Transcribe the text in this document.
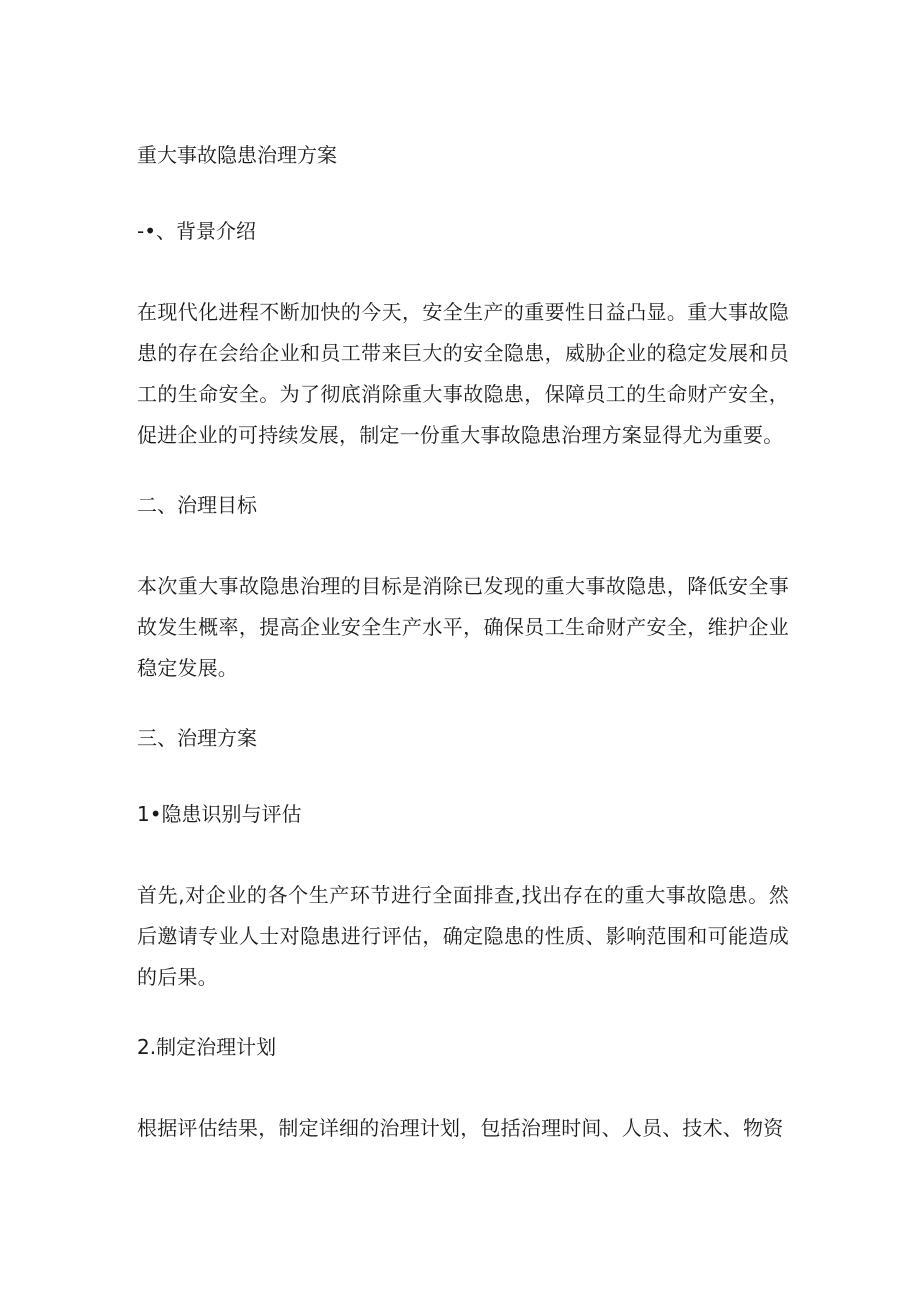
重大事故隐患治理方案

-•、背景介绍

在现代化进程不断加快的今天，安全生产的重要性日益凸显。重大事故隐患的存在会给企业和员工带来巨大的安全隐患，威胁企业的稳定发展和员工的生命安全。为了彻底消除重大事故隐患，保障员工的生命财产安全，促进企业的可持续发展，制定一份重大事故隐患治理方案显得尤为重要。

二、治理目标

本次重大事故隐患治理的目标是消除已发现的重大事故隐患，降低安全事故发生概率，提高企业安全生产水平，确保员工生命财产安全，维护企业稳定发展。

三、治理方案

1•隐患识别与评估

首先,对企业的各个生产环节进行全面排查,找出存在的重大事故隐患。然后邀请专业人士对隐患进行评估，确定隐患的性质、影响范围和可能造成的后果。

2.制定治理计划

根据评估结果，制定详细的治理计划，包括治理时间、人员、技术、物资
